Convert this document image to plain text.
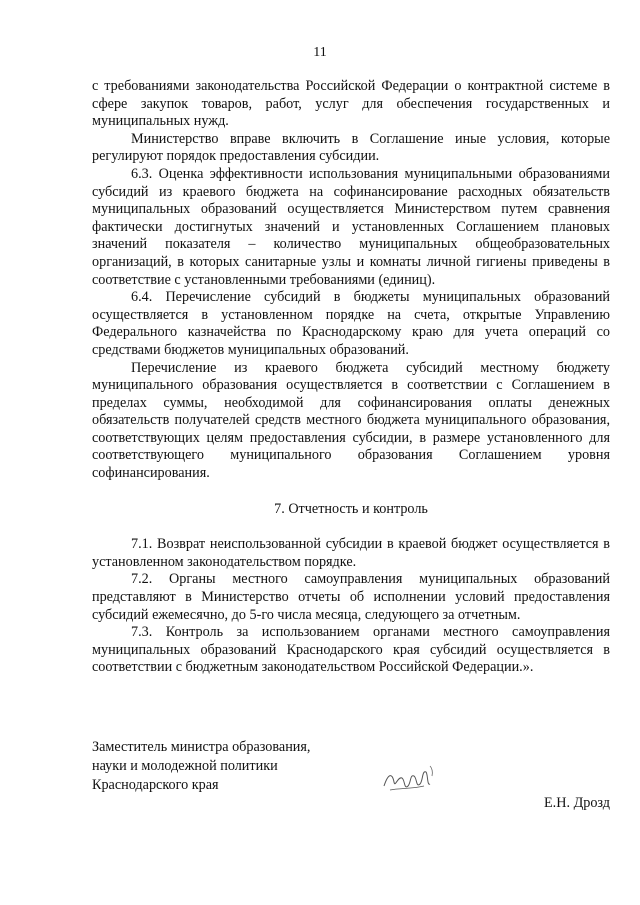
11

с требованиями законодательства Российской Федерации о контрактной системе в сфере закупок товаров, работ, услуг для обеспечения государственных и муниципальных нужд.

Министерство вправе включить в Соглашение иные условия, которые регулируют порядок предоставления субсидии.

6.3. Оценка эффективности использования муниципальными образованиями субсидий из краевого бюджета на софинансирование расходных обязательств муниципальных образований осуществляется Министерством путем сравнения фактически достигнутых значений и установленных Соглашением плановых значений показателя – количество муниципальных общеобразовательных организаций, в которых санитарные узлы и комнаты личной гигиены приведены в соответствие с установленными требованиями (единиц).

6.4. Перечисление субсидий в бюджеты муниципальных образований осуществляется в установленном порядке на счета, открытые Управлению Федерального казначейства по Краснодарскому краю для учета операций со средствами бюджетов муниципальных образований.

Перечисление из краевого бюджета субсидий местному бюджету муниципального образования осуществляется в соответствии с Соглашением в пределах суммы, необходимой для софинансирования оплаты денежных обязательств получателей средств местного бюджета муниципального образования, соответствующих целям предоставления субсидии, в размере установленного для соответствующего муниципального образования Соглашением уровня софинансирования.

7. Отчетность и контроль

7.1. Возврат неиспользованной субсидии в краевой бюджет осуществляется в установленном законодательством порядке.

7.2. Органы местного самоуправления муниципальных образований представляют в Министерство отчеты об исполнении условий предоставления субсидий ежемесячно, до 5-го числа месяца, следующего за отчетным.

7.3. Контроль за использованием органами местного самоуправления муниципальных образований Краснодарского края субсидий осуществляется в соответствии с бюджетным законодательством Российской Федерации.».

Заместитель министра образования,
науки и молодежной политики
Краснодарского края
Е.Н. Дрозд
